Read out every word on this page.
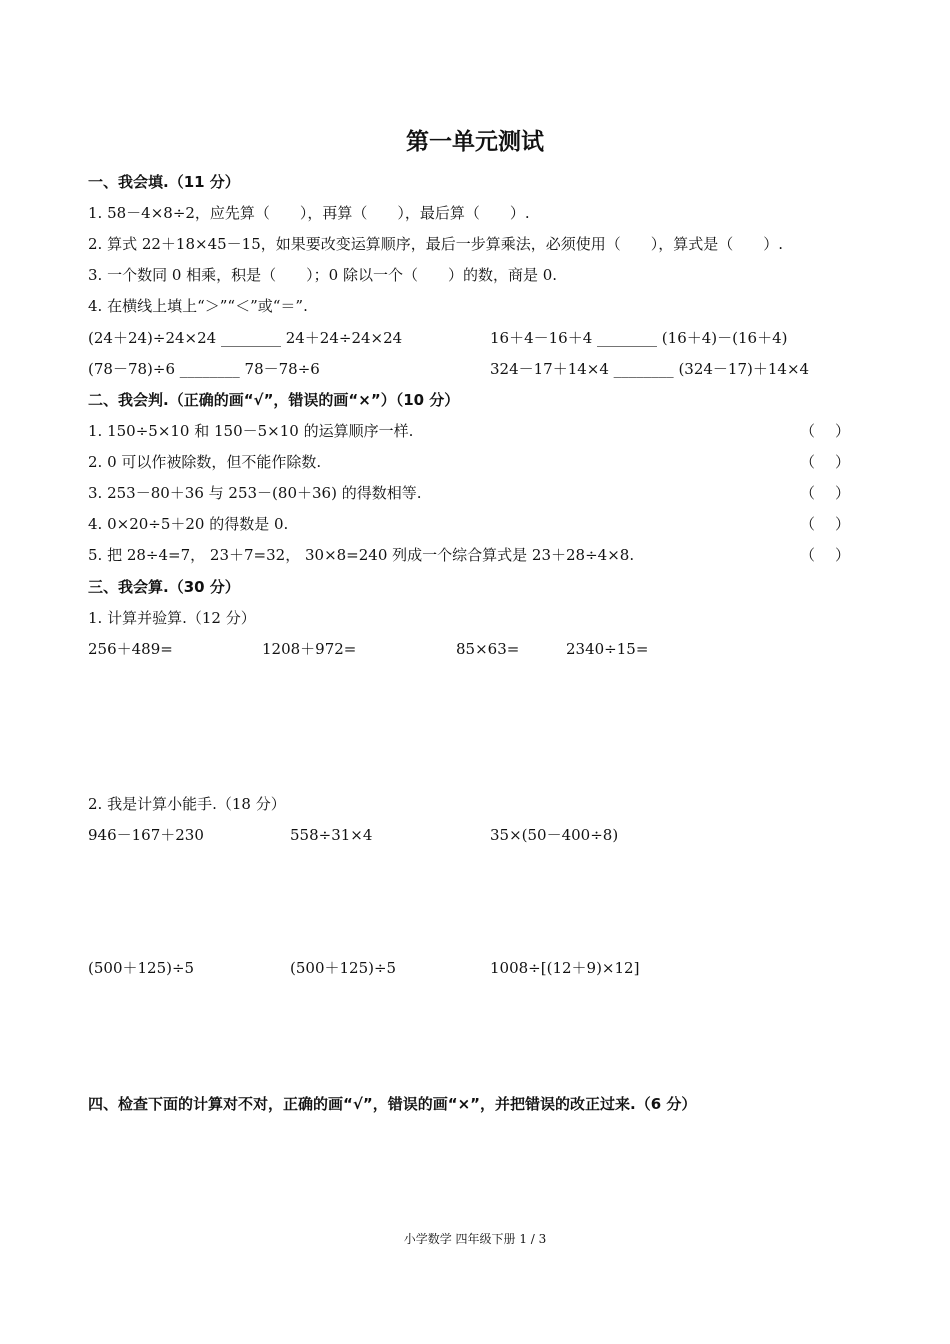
第一单元测试
一、我会填.（11 分）
1. 58－4×8÷2，应先算（　　），再算（　　），最后算（　　）.
2. 算式 22＋18×45－15，如果要改变运算顺序，最后一步算乘法，必须使用（　　），算式是（　　）.
3. 一个数同 0 相乘，积是（　　）；0 除以一个（　　）的数，商是 0.
4. 在横线上填上“＞”“＜”或“＝”.
(24＋24)÷24×24 ________ 24＋24÷24×24	16＋4－16＋4 ________ (16＋4)－(16＋4)
(78－78)÷6 ________ 78－78÷6	324－17＋14×4 ________ (324－17)＋14×4
二、我会判.（正确的画“√”，错误的画“×”）（10 分）
1. 150÷5×10 和 150－5×10 的运算顺序一样.	（ ）
2. 0 可以作被除数，但不能作除数.	（ ）
3. 253－80＋36 与 253－(80＋36) 的得数相等.	（ ）
4. 0×20÷5＋20 的得数是 0.	（ ）
5. 把 28÷4=7， 23＋7=32， 30×8=240 列成一个综合算式是 23＋28÷4×8.	（ ）
三、我会算.（30 分）
1. 计算并验算.（12 分）
256＋489=	1208＋972=	85×63=	2340÷15=
2. 我是计算小能手.（18 分）
946－167＋230	558÷31×4	35×(50－400÷8)
(500＋125)÷5	(500＋125)÷5	1008÷[(12＋9)×12]
四、检查下面的计算对不对，正确的画“√”，错误的画“×”，并把错误的改正过来.（6 分）
小学数学 四年级下册 1 / 3
